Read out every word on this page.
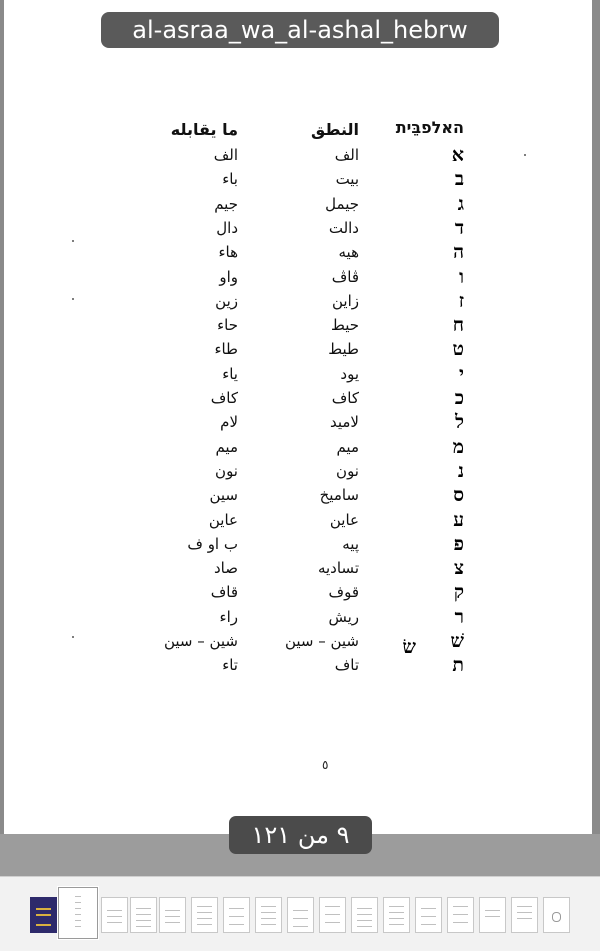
האלפבֵּית
النطق
ما يقابله
א
الف
الف
ב
بيت
باء
ג
جيمل
جيم
ד
دالت
دال
ה
هيه
هاء
ו
ڤاڤ
واو
ז
زاين
زين
ח
حيط
حاء
ט
طيط
طاء
י
يود
ياء
כ
كاف
كاف
ל
لاميد
لام
מ
ميم
ميم
נ
نون
نون
ס
ساميخ
سين
ע
عاين
عاين
פ
پيه
ب او ف
צ
تساديه
صاد
ק
قوف
قاف
ר
ريش
راء
שׁ
شين – سين
شين – سين
ת
تاف
تاء
שׂ
٥
al-asraa_wa_al-ashal_hebrw
٩ من ١٢١
